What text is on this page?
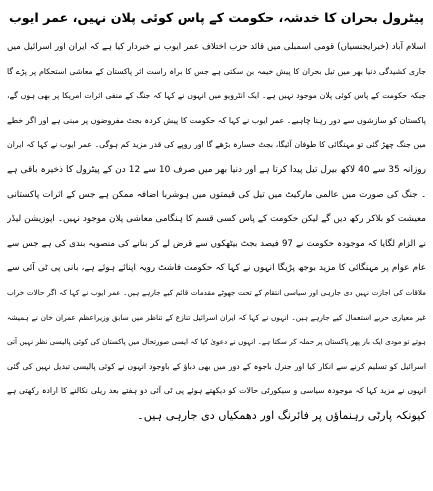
پیٹرول بحران کا خدشہ، حکومت کے پاس کوئی پلان نہیں، عمر ایوب
اسلام آباد (خبرایجنسیاں) قومی اسمبلی میں قائد حزب اختلاف عمر ایوب نے خبردار کیا ہے کہ ایران اور اسرائیل میں
جاری کشیدگی دنیا بھر میں تیل بحران کا پیش خیمہ بن سکتی ہے جس کا براہ راست اثر پاکستان کے معاشی استحکام پر پڑے گا
جبکہ حکومت کے پاس کوئی پلان موجود نہیں ہے۔ ایک انٹرویو میں انہوں نے کہا کہ جنگ کے منفی اثرات امریکا پر بھی ہوں گے،
پاکستان کو سازشوں سے دور رہنا چاہیے۔ عمر ایوب نے کہا کہ حکومت کا پیش کردہ بجٹ مفروضوں پر مبنی ہے اور اگر خطے
میں جنگ چھڑ گئی تو مہنگائی کا طوفان آئیگا، بجٹ خسارہ بڑھے گا اور روپے کی قدر مزید کم ہوگی۔ عمر ایوب نے کہا کہ ایران
روزانہ 35 سے 40 لاکھ بیرل تیل پیدا کرتا ہے اور دنیا بھر میں صرف 10 سے 12 دن کے پیٹرول کا ذخیرہ باقی ہے
۔ جنگ کی صورت میں عالمی مارکیٹ میں تیل کی قیمتوں میں ہوشربا اضافہ ممکن ہے جس کے اثرات پاکستانی
معیشت کو بلاکر رکھ دیں گے لیکن حکومت کے پاس کسی قسم کا ہنگامی معاشی پلان موجود نہیں۔ اپوزیشن لیڈر
نے الزام لگایا کہ موجودہ حکومت نے 97 فیصد بجٹ بیٹھکوں سے قرض لے کر بنانے کی منصوبہ بندی کی ہے جس سے
عام عوام پر مہنگائی کا مزید بوجھ پڑیگا انہوں نے کہا کہ حکومت فاشٹ رویہ اپنائے ہوئے ہے، بانی پی ٹی آئی سے
ملاقات کی اجازت نہیں دی جارہی اور سیاسی انتقام کے تحت جھوٹے مقدمات قائم کیے جارہے ہیں۔ عمر ایوب نے کہا کہ اگر حالات خراب
غیر معیاری حربے استعمال کیے جارہے ہیں۔ انہوں نے کہا کہ ایران اسرائیل تنازع کے تناظر میں سابق وزیراعظم عمران خان نے ہمیشہ
ہوتے تو مودی ایک بار پھر پاکستان پر حملہ کر سکتا ہے۔ انہوں نے دعویٰ کیا کہ ایسی صورتحال میں پاکستان کی کوئی پالیسی نظر نہیں آتی
اسرائیل کو تسلیم کرنے سے انکار کیا اور جنرل باجوہ کے دور میں بھی دباؤ کے باوجود انہوں نے کوئی پالیسی تبدیل نہیں کی گئی
انہوں نے مزید کہا کہ موجودہ سیاسی و سیکورٹی حالات کو دیکھتے ہوئے پی ٹی آئی دو ہفتے بعد ریلی نکالنے کا ارادہ رکھتی ہے
کیونکہ پارٹی رہنماؤں پر فائرنگ اور دھمکیاں دی جارہی ہیں۔
